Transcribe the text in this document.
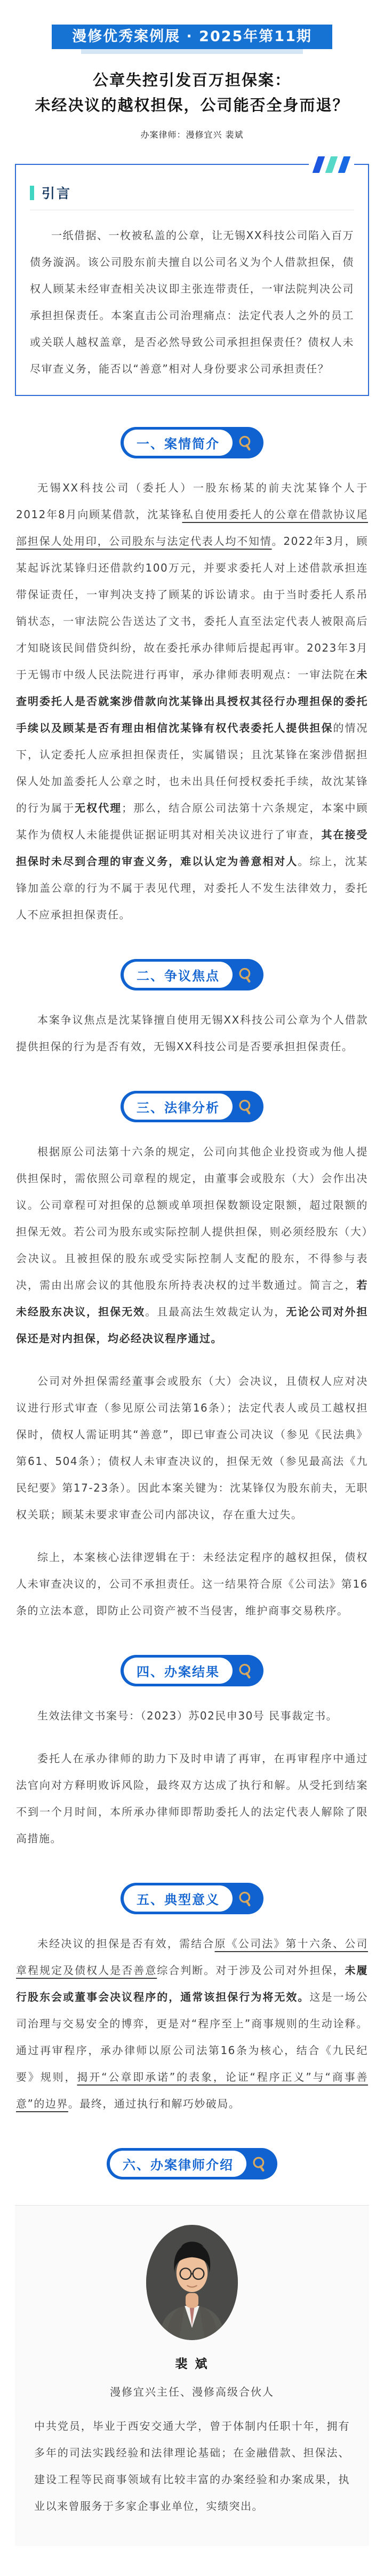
漫修优秀案例展 · 2025年第11期
公章失控引发百万担保案：
未经决议的越权担保，公司能否全身而退？
办案律师：漫修宜兴 裴斌
引言

一纸借据、一枚被私盖的公章，让无锡XX科技公司陷入百万债务漩涡。该公司股东前夫擅自以公司名义为个人借款担保，债权人顾某未经审查相关决议即主张连带责任，一审法院判决公司承担担保责任。本案直击公司治理痛点：法定代表人之外的员工或关联人越权盖章，是否必然导致公司承担担保责任？债权人未尽审查义务，能否以“善意”相对人身份要求公司承担责任？

一、案情简介

无锡XX科技公司（委托人）一股东杨某的前夫沈某锋个人于2012年8月向顾某借款，沈某锋私自使用委托人的公章在借款协议尾部担保人处用印，公司股东与法定代表人均不知情。2022年3月，顾某起诉沈某锋归还借款约100万元，并要求委托人对上述借款承担连带保证责任，一审判决支持了顾某的诉讼请求。由于当时委托人系吊销状态，一审法院公告送达了文书，委托人直至法定代表人被限高后才知晓该民间借贷纠纷，故在委托承办律师后提起再审。2023年3月于无锡市中级人民法院进行再审，承办律师表明观点：一审法院在未查明委托人是否就案涉借款向沈某锋出具授权其径行办理担保的委托手续以及顾某是否有理由相信沈某锋有权代表委托人提供担保的情况下，认定委托人应承担担保责任，实属错误；且沈某锋在案涉借据担保人处加盖委托人公章之时，也未出具任何授权委托手续，故沈某锋的行为属于无权代理；那么，结合原公司法第十六条规定，本案中顾某作为债权人未能提供证据证明其对相关决议进行了审查，其在接受担保时未尽到合理的审查义务，难以认定为善意相对人。综上，沈某锋加盖公章的行为不属于表见代理，对委托人不发生法律效力，委托人不应承担担保责任。

二、争议焦点

本案争议焦点是沈某锋擅自使用无锡XX科技公司公章为个人借款提供担保的行为是否有效，无锡XX科技公司是否要承担担保责任。

三、法律分析

根据原公司法第十六条的规定，公司向其他企业投资或为他人提供担保时，需依照公司章程的规定，由董事会或股东（大）会作出决议。公司章程可对担保的总额或单项担保数额设定限额，超过限额的担保无效。若公司为股东或实际控制人提供担保，则必须经股东（大）会决议。且被担保的股东或受实际控制人支配的股东，不得参与表决，需由出席会议的其他股东所持表决权的过半数通过。简言之，若未经股东决议，担保无效。且最高法生效裁定认为，无论公司对外担保还是对内担保，均必经决议程序通过。

公司对外担保需经董事会或股东（大）会决议，且债权人应对决议进行形式审查（参见原公司法第16条）；法定代表人或员工越权担保时，债权人需证明其“善意”，即已审查公司决议（参见《民法典》第61、504条）；债权人未审查决议的，担保无效（参见最高法《九民纪要》第17-23条）。因此本案关键为：沈某锋仅为股东前夫，无职权关联；顾某未要求审查公司内部决议，存在重大过失。

综上，本案核心法律逻辑在于：未经法定程序的越权担保，债权人未审查决议的，公司不承担责任。这一结果符合原《公司法》第16条的立法本意，即防止公司资产被不当侵害，维护商事交易秩序。

四、办案结果

生效法律文书案号：（2023）苏02民申30号 民事裁定书。

委托人在承办律师的助力下及时申请了再审，在再审程序中通过法官向对方释明败诉风险，最终双方达成了执行和解。从受托到结案不到一个月时间，本所承办律师即帮助委托人的法定代表人解除了限高措施。

五、典型意义

未经决议的担保是否有效，需结合原《公司法》第十六条、公司章程规定及债权人是否善意综合判断。对于涉及公司对外担保，未履行股东会或董事会决议程序的，通常该担保行为将无效。这是一场公司治理与交易安全的博弈，更是对“程序至上”商事规则的生动诠释。通过再审程序，承办律师以原公司法第16条为核心，结合《九民纪要》规则，揭开“公章即承诺”的表象，论证“程序正义”与“商事善意”的边界。最终，通过执行和解巧妙破局。

六、办案律师介绍
裴 斌
漫修宜兴主任、漫修高级合伙人

中共党员，毕业于西安交通大学，曾于体制内任职十年，拥有多年的司法实践经验和法律理论基础；在金融借款、担保法、建设工程等民商事领域有比较丰富的办案经验和办案成果，执业以来曾服务于多家企事业单位，实绩突出。
